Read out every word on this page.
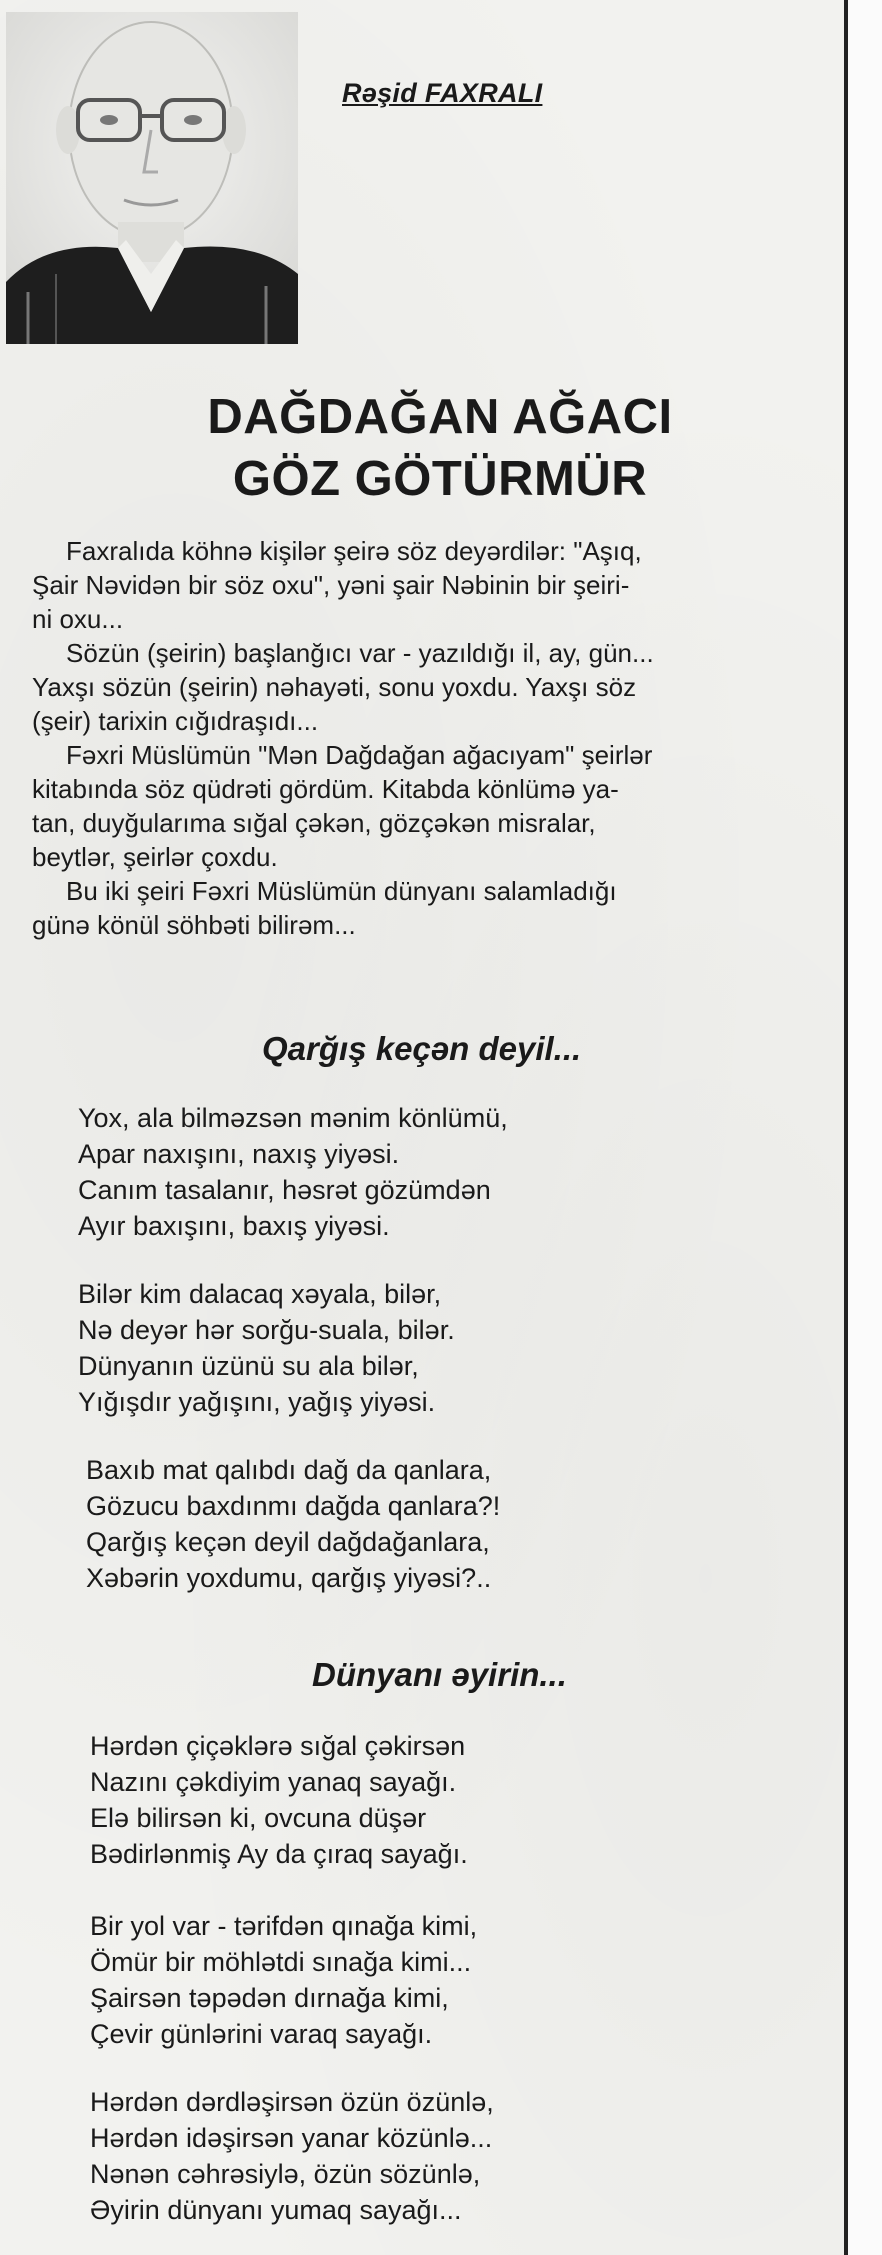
Rəşid FAXRALI
DAĞDAĞAN AĞACI
GÖZ GÖTÜRMÜR

Faxralıda köhnə kişilər şeirə söz deyərdilər: "Aşıq,

Şair Nəvidən bir söz oxu", yəni şair Nəbinin bir şeiri-

ni oxu...

Sözün (şeirin) başlanğıcı var - yazıldığı il, ay, gün...

Yaxşı sözün (şeirin) nəhayəti, sonu yoxdu. Yaxşı söz

(şeir) tarixin cığıdraşıdı...

Fəxri Müslümün "Mən Dağdağan ağacıyam" şeirlər

kitabında söz qüdrəti gördüm. Kitabda könlümə ya-

tan, duyğularıma sığal çəkən, gözçəkən misralar,

beytlər, şeirlər çoxdu.

Bu iki şeiri Fəxri Müslümün dünyanı salamladığı

günə könül söhbəti bilirəm...

Qarğış keçən deyil...

Yox, ala bilməzsən mənim könlümü,

Apar naxışını, naxış yiyəsi.

Canım tasalanır, həsrət gözümdən

Ayır baxışını, baxış yiyəsi.

Bilər kim dalacaq xəyala, bilər,

Nə deyər hər sorğu-suala, bilər.

Dünyanın üzünü su ala bilər,

Yığışdır yağışını, yağış yiyəsi.

Baxıb mat qalıbdı dağ da qanlara,

Gözucu baxdınmı dağda qanlara?!

Qarğış keçən deyil dağdağanlara,

Xəbərin yoxdumu, qarğış yiyəsi?..

Dünyanı əyirin...

Hərdən çiçəklərə sığal çəkirsən

Nazını çəkdiyim yanaq sayağı.

Elə bilirsən ki, ovcuna düşər

Bədirlənmiş Ay da çıraq sayağı.

Bir yol var - tərifdən qınağa kimi,

Ömür bir möhlətdi sınağa kimi...

Şairsən təpədən dırnağa kimi,

Çevir günlərini varaq sayağı.

Hərdən dərdləşirsən özün özünlə,

Hərdən idəşirsən yanar közünlə...

Nənən cəhrəsiylə, özün sözünlə,

Əyirin dünyanı yumaq sayağı...
